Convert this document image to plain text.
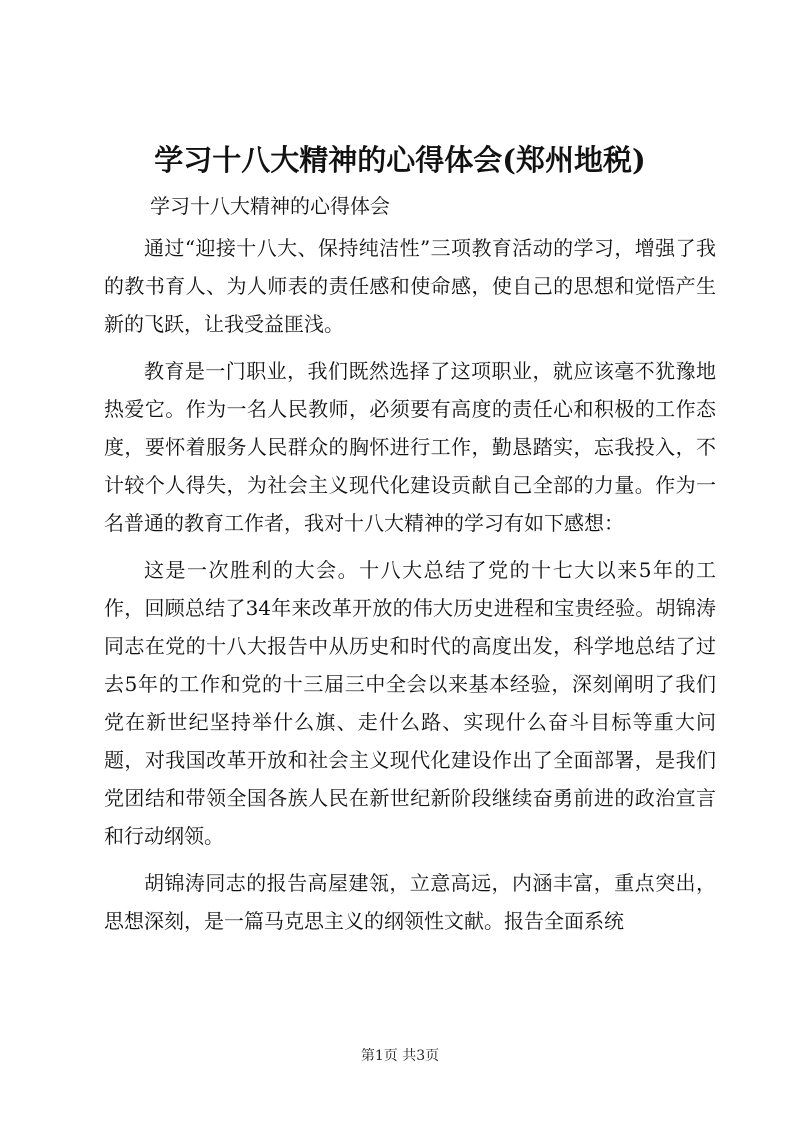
学习十八大精神的心得体会(郑州地税)
学习十八大精神的心得体会

通过“迎接十八大、保持纯洁性”三项教育活动的学习，增强了我的教书育人、为人师表的责任感和使命感，使自己的思想和觉悟产生新的飞跃，让我受益匪浅。

教育是一门职业，我们既然选择了这项职业，就应该毫不犹豫地热爱它。作为一名人民教师，必须要有高度的责任心和积极的工作态度，要怀着服务人民群众的胸怀进行工作，勤恳踏实，忘我投入，不计较个人得失，为社会主义现代化建设贡献自己全部的力量。作为一名普通的教育工作者，我对十八大精神的学习有如下感想：

这是一次胜利的大会。十八大总结了党的十七大以来5年的工作，回顾总结了34年来改革开放的伟大历史进程和宝贵经验。胡锦涛同志在党的十八大报告中从历史和时代的高度出发，科学地总结了过去5年的工作和党的十三届三中全会以来基本经验，深刻阐明了我们党在新世纪坚持举什么旗、走什么路、实现什么奋斗目标等重大问题，对我国改革开放和社会主义现代化建设作出了全面部署，是我们党团结和带领全国各族人民在新世纪新阶段继续奋勇前进的政治宣言和行动纲领。

胡锦涛同志的报告高屋建瓴，立意高远，内涵丰富，重点突出，思想深刻，是一篇马克思主义的纲领性文献。报告全面系统

第1页 共3页
